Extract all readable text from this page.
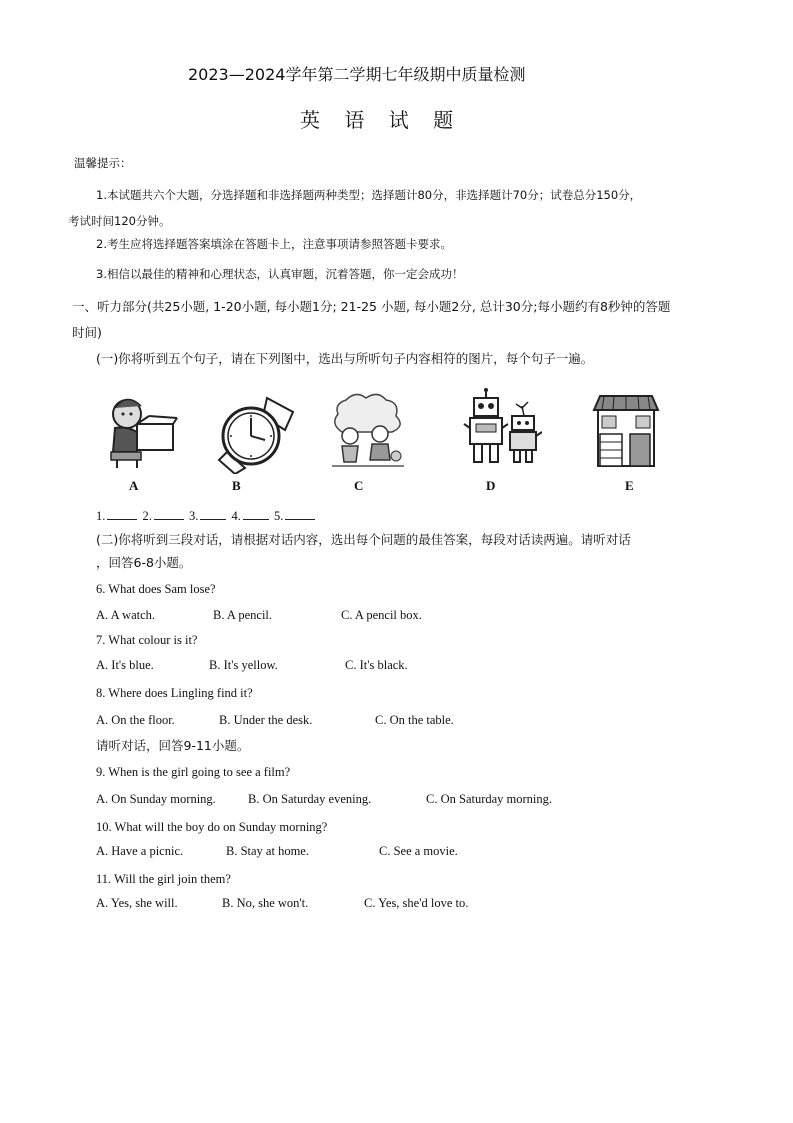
2023—2024学年第二学期七年级期中质量检测
英 语 试 题
温馨提示：
1.本试题共六个大题，分选择题和非选择题两种类型；选择题计80分，非选择题计70分；试卷总分150分，
考试时间120分钟。
2.考生应将选择题答案填涂在答题卡上，注意事项请参照答题卡要求。
3.相信以最佳的精神和心理状态，认真审题，沉着答题，你一定会成功！
一、听力部分(共25小题, 1-20小题, 每小题1分; 21-25 小题, 每小题2分, 总计30分;每小题约有8秒钟的答题
时间)
(一)你将听到五个句子，请在下列图中，选出与所听句子内容相符的图片，每个句子一遍。
A	B	C	D	E
1.	2.	3.	4.	5.
(二)你将听到三段对话，请根据对话内容，选出每个问题的最佳答案，每段对话读两遍。请听对话
，回答6-8小题。
6. What does Sam lose?
A. A watch.	B. A pencil.	C. A pencil box.
7. What colour is it?
A. It's blue.	B. It's yellow.	C. It's black.
8. Where does Lingling find it?
A. On the floor.	B. Under the desk.	C. On the table.
请听对话，回答9-11小题。
9. When is the girl going to see a film?
A. On Sunday morning.	B. On Saturday evening.	C. On Saturday morning.
10. What will the boy do on Sunday morning?
A. Have a picnic.	B. Stay at home.	C. See a movie.
11. Will the girl join them?
A. Yes, she will.	B. No, she won't.	C. Yes, she'd love to.
